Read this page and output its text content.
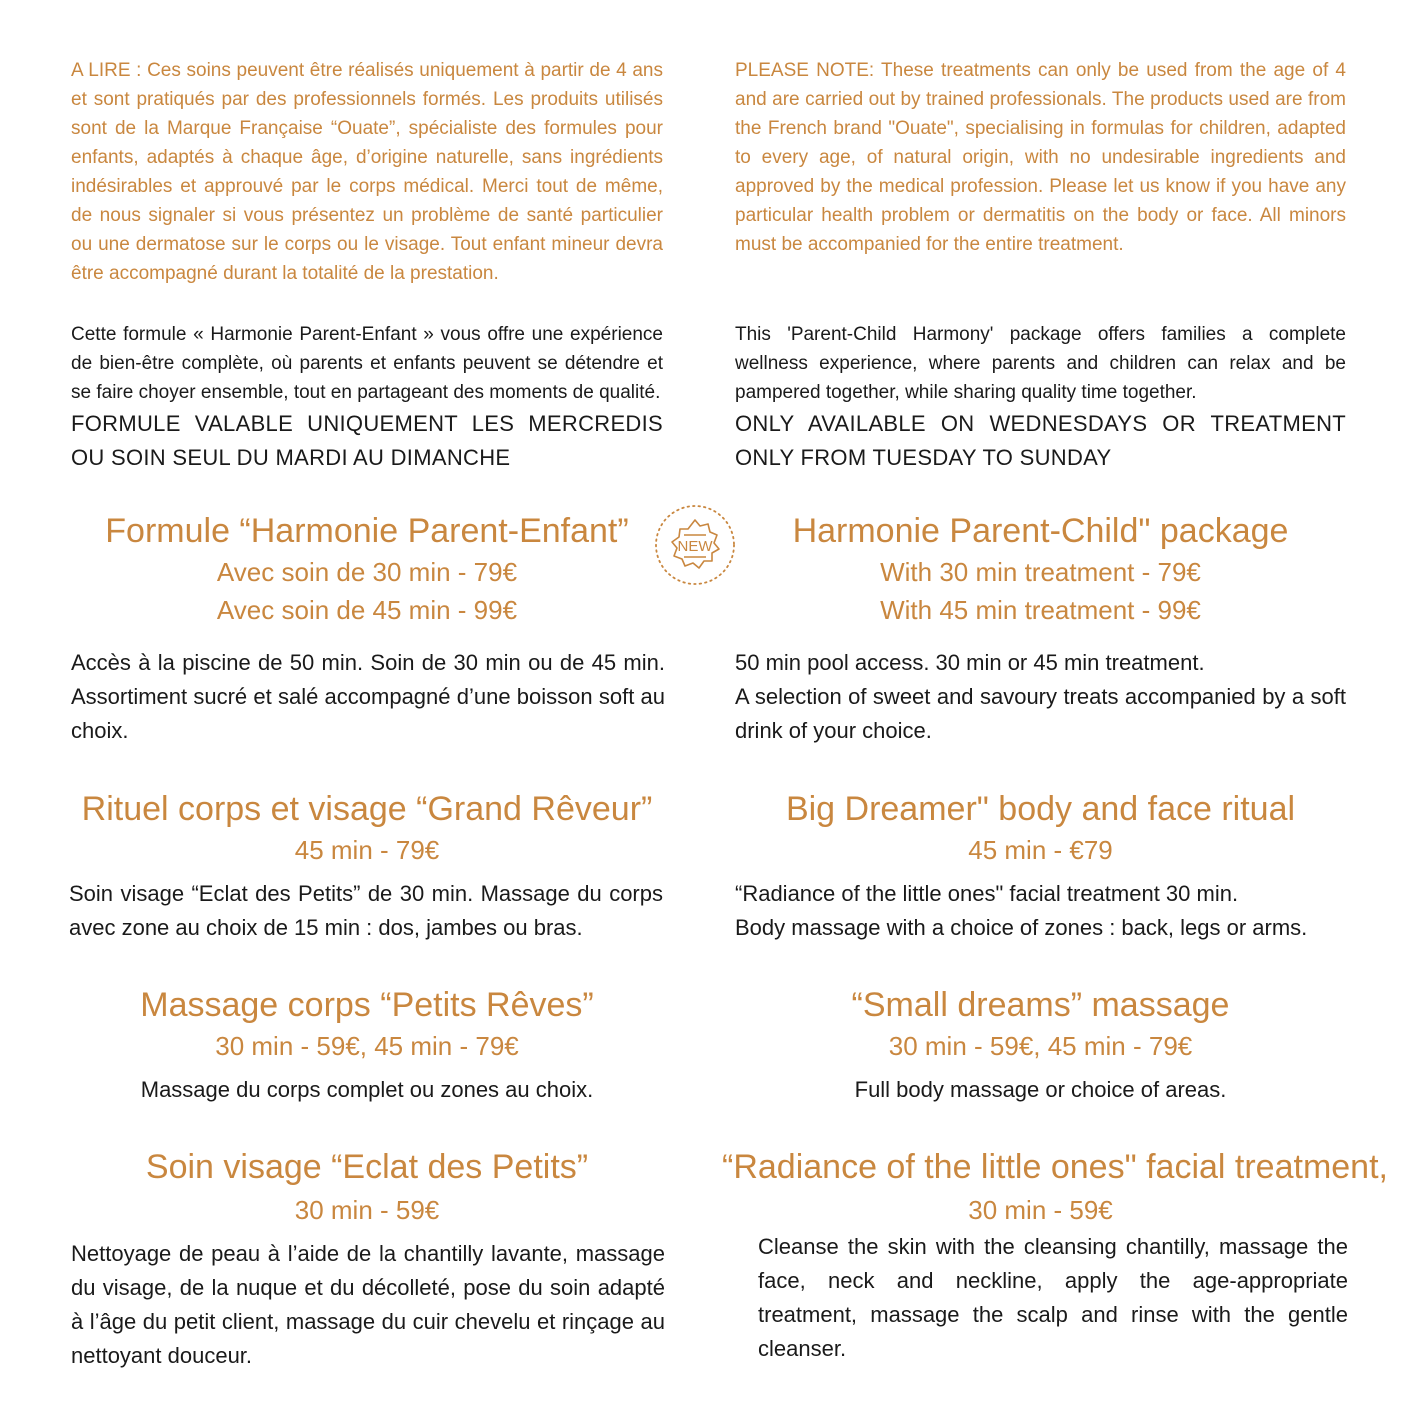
A LIRE : Ces soins peuvent être réalisés uniquement à partir de 4 ans et sont pratiqués par des professionnels formés. Les produits utilisés sont de la Marque Française “Ouate”, spécialiste des formules pour enfants, adaptés à chaque âge, d’origine naturelle, sans ingrédients indésirables et approuvé par le corps médical. Merci tout de même, de nous signaler si vous présentez un problème de santé particulier ou une dermatose sur le corps ou le visage. Tout enfant mineur devra être accompagné durant la totalité de la prestation.

Cette formule « Harmonie Parent-Enfant » vous offre une expérience de bien-être complète, où parents et enfants peuvent se détendre et se faire choyer ensemble, tout en partageant des moments de qualité.

FORMULE VALABLE UNIQUEMENT LES MERCREDIS OU SOIN SEUL DU MARDI AU DIMANCHE

Formule “Harmonie Parent-Enfant”
Avec soin de 30 min - 79€
Avec soin de 45 min - 99€

Accès à la piscine de 50 min. Soin de 30 min ou de 45 min. Assortiment sucré et salé accompagné d’une boisson soft au choix.

Rituel corps et visage “Grand Rêveur”
45 min - 79€

Soin visage “Eclat des Petits” de 30 min. Massage du corps avec zone au choix de 15 min : dos, jambes ou bras.

Massage corps “Petits Rêves”
30 min - 59€, 45 min - 79€

Massage du corps complet ou zones au choix.

Soin visage “Eclat des Petits”
30 min - 59€

Nettoyage de peau à l’aide de la chantilly lavante, massage du visage, de la nuque et du décolleté, pose du soin adapté à l’âge du petit client, massage du cuir chevelu et rinçage au nettoyant douceur.

NEW

PLEASE NOTE: These treatments can only be used from the age of 4 and are carried out by trained professionals. The products used are from the French brand "Ouate", specialising in formulas for children, adapted to every age, of natural origin, with no undesirable ingredients and approved by the medical profession. Please let us know if you have any particular health problem or dermatitis on the body or face. All minors must be accompanied for the entire treatment.

This 'Parent-Child Harmony' package offers families a complete wellness experience, where parents and children can relax and be pampered together, while sharing quality time together.

ONLY AVAILABLE ON WEDNESDAYS OR TREATMENT ONLY FROM TUESDAY TO SUNDAY

Harmonie Parent-Child" package
With 30 min treatment - 79€
With 45 min treatment - 99€
50 min pool access. 30 min or 45 min treatment.
A selection of sweet and savoury treats accompanied by a soft drink of your choice.
Big Dreamer" body and face ritual
45 min - €79
“Radiance of the little ones" facial treatment 30 min.
Body massage with a choice of zones : back, legs or arms.
“Small dreams” massage
30 min - 59€, 45 min - 79€
Full body massage or choice of areas.
“Radiance of the little ones" facial treatment,
30 min - 59€

Cleanse the skin with the cleansing chantilly, massage the face, neck and neckline, apply the age-appropriate treatment, massage the scalp and rinse with the gentle cleanser.
